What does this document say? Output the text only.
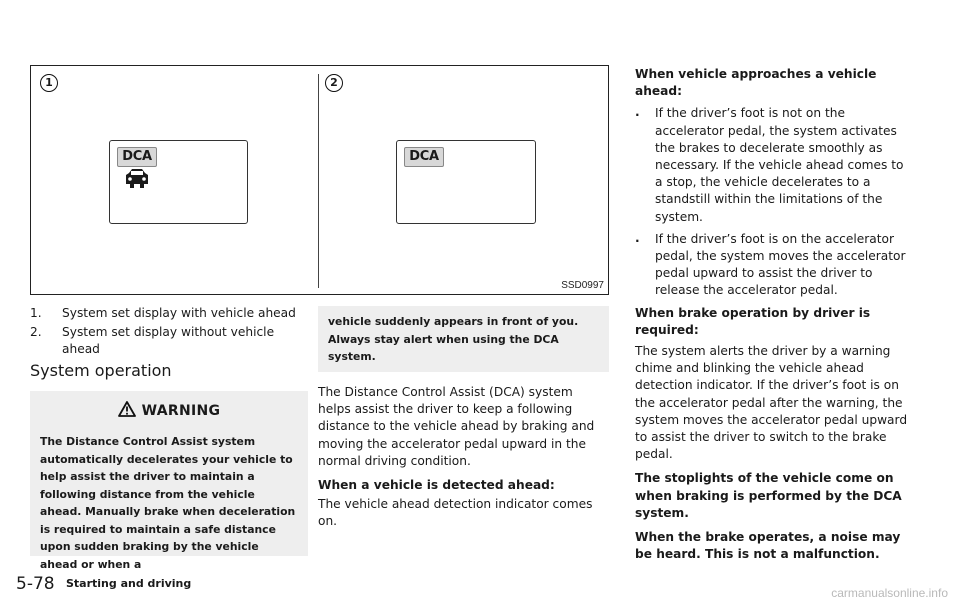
1	2
DCA	DCA
SSD0997
1. System set display with vehicle ahead
2. System set display without vehicle ahead
System operation
WARNING
The Distance Control Assist system automatically decelerates your vehicle to help assist the driver to maintain a following distance from the vehicle ahead. Manually brake when deceleration is required to maintain a safe distance upon sudden braking by the vehicle ahead or when a
vehicle suddenly appears in front of you. Always stay alert when using the DCA system.

The Distance Control Assist (DCA) system helps assist the driver to keep a following distance to the vehicle ahead by braking and moving the accelerator pedal upward in the normal driving condition.

When a vehicle is detected ahead:

The vehicle ahead detection indicator comes on.

When vehicle approaches a vehicle ahead:

. If the driver’s foot is not on the accelerator pedal, the system activates the brakes to decelerate smoothly as necessary. If the vehicle ahead comes to a stop, the vehicle decelerates to a standstill within the limitations of the system.
. If the driver’s foot is on the accelerator pedal, the system moves the accelerator pedal upward to assist the driver to release the accelerator pedal.

When brake operation by driver is required:

The system alerts the driver by a warning chime and blinking the vehicle ahead detection indicator. If the driver’s foot is on the accelerator pedal after the warning, the system moves the accelerator pedal upward to assist the driver to switch to the brake pedal.

The stoplights of the vehicle come on when braking is performed by the DCA system.

When the brake operates, a noise may be heard. This is not a malfunction.

5-78 Starting and driving
carmanualsonline.info
